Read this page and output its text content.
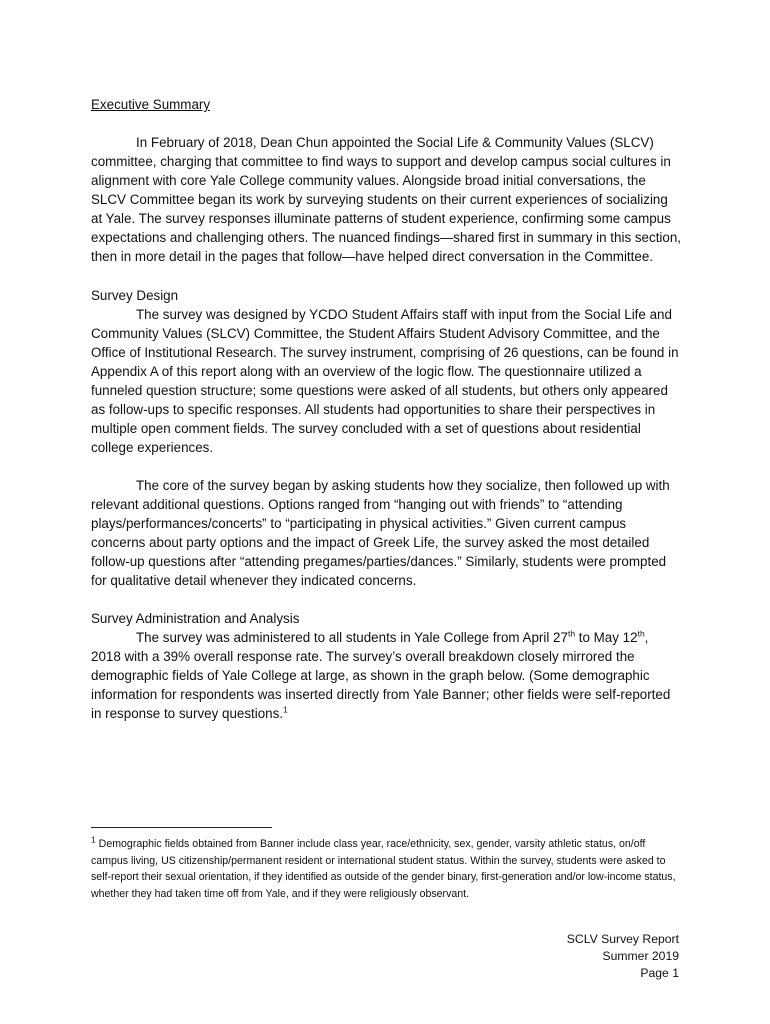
Executive Summary

In February of 2018, Dean Chun appointed the Social Life & Community Values (SLCV) committee, charging that committee to find ways to support and develop campus social cultures in alignment with core Yale College community values. Alongside broad initial conversations, the SLCV Committee began its work by surveying students on their current experiences of socializing at Yale. The survey responses illuminate patterns of student experience, confirming some campus expectations and challenging others. The nuanced findings—shared first in summary in this section, then in more detail in the pages that follow—have helped direct conversation in the Committee.

Survey Design

The survey was designed by YCDO Student Affairs staff with input from the Social Life and Community Values (SLCV) Committee, the Student Affairs Student Advisory Committee, and the Office of Institutional Research. The survey instrument, comprising of 26 questions, can be found in Appendix A of this report along with an overview of the logic flow. The questionnaire utilized a funneled question structure; some questions were asked of all students, but others only appeared as follow-ups to specific responses. All students had opportunities to share their perspectives in multiple open comment fields. The survey concluded with a set of questions about residential college experiences.

The core of the survey began by asking students how they socialize, then followed up with relevant additional questions. Options ranged from “hanging out with friends” to “attending plays/performances/concerts” to “participating in physical activities.” Given current campus concerns about party options and the impact of Greek Life, the survey asked the most detailed follow-up questions after “attending pregames/parties/dances.” Similarly, students were prompted for qualitative detail whenever they indicated concerns.

Survey Administration and Analysis

The survey was administered to all students in Yale College from April 27th to May 12th, 2018 with a 39% overall response rate. The survey’s overall breakdown closely mirrored the demographic fields of Yale College at large, as shown in the graph below. (Some demographic information for respondents was inserted directly from Yale Banner; other fields were self-reported in response to survey questions.$^1$

$^1$ Demographic fields obtained from Banner include class year, race/ethnicity, sex, gender, varsity athletic status, on/off campus living, US citizenship/permanent resident or international student status. Within the survey, students were asked to self-report their sexual orientation, if they identified as outside of the gender binary, first-generation and/or low-income status, whether they had taken time off from Yale, and if they were religiously observant.
SCLV Survey Report
Summer 2019
Page 1
